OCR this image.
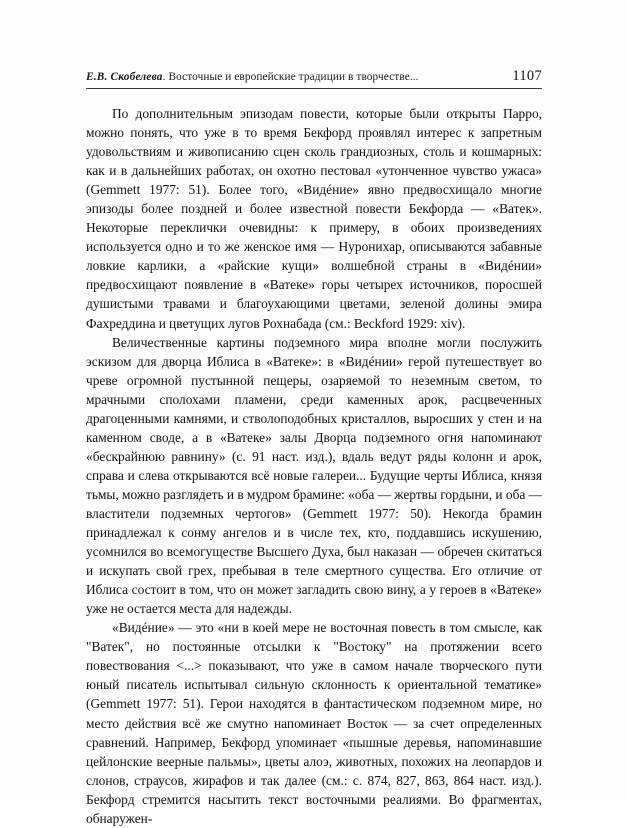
Е.В. Скобелева. Восточные и европейские традиции в творчестве...	1107

По дополнительным эпизодам повести, которые были открыты Парро, можно понять, что уже в то время Бекфорд проявлял интерес к запретным удовольствиям и живописанию сцен сколь грандиозных, столь и кошмарных: как и в дальнейших работах, он охотно пестовал «утонченное чувство ужаса» (Gemmett 1977: 51). Более того, «Видéние» явно предвосхищало многие эпизоды более поздней и более известной повести Бекфорда — «Ватек». Некоторые переклички очевидны: к примеру, в обоих произведениях используется одно и то же женское имя — Нуронихар, описываются забавные ловкие карлики, а «райские кущи» волшебной страны в «Видéнии» предвосхищают появление в «Ватеке» горы четырех источников, поросшей душистыми травами и благоухающими цветами, зеленой долины эмира Фахреддина и цветущих лугов Рохнабада (см.: Beckford 1929: xiv).

Величественные картины подземного мира вполне могли послужить эскизом для дворца Иблиса в «Ватеке»: в «Видéнии» герой путешествует во чреве огромной пустынной пещеры, озаряемой то неземным светом, то мрачными сполохами пламени, среди каменных арок, расцвеченных драгоценными камнями, и стволоподобных кристаллов, выросших у стен и на каменном своде, а в «Ватеке» залы Дворца подземного огня напоминают «бескрайнюю равнину» (с. 91 наст. изд.), вдаль ведут ряды колонн и арок, справа и слева открываются всё новые галереи... Будущие черты Иблиса, князя тьмы, можно разглядеть и в мудром брамине: «оба — жертвы гордыни, и оба — властители подземных чертогов» (Gemmett 1977: 50). Некогда брамин принадлежал к сонму ангелов и в числе тех, кто, поддавшись искушению, усомнился во всемогуществе Высшего Духа, был наказан — обречен скитаться и искупать свой грех, пребывая в теле смертного существа. Его отличие от Иблиса состоит в том, что он может загладить свою вину, а у героев в «Ватеке» уже не остается места для надежды.

«Видéние» — это «ни в коей мере не восточная повесть в том смысле, как "Ватек", но постоянные отсылки к "Востоку" на протяжении всего повествования <...> показывают, что уже в самом начале творческого пути юный писатель испытывал сильную склонность к ориентальной тематике» (Gemmett 1977: 51). Герои находятся в фантастическом подземном мире, но место действия всё же смутно напоминает Восток — за счет определенных сравнений. Например, Бекфорд упоминает «пышные деревья, напоминавшие цейлонские веерные пальмы», цветы алоэ, животных, похожих на леопардов и слонов, страусов, жирафов и так далее (см.: с. 874, 827, 863, 864 наст. изд.). Бекфорд стремится насытить текст восточными реалиями. Во фрагментах, обнаружен-
